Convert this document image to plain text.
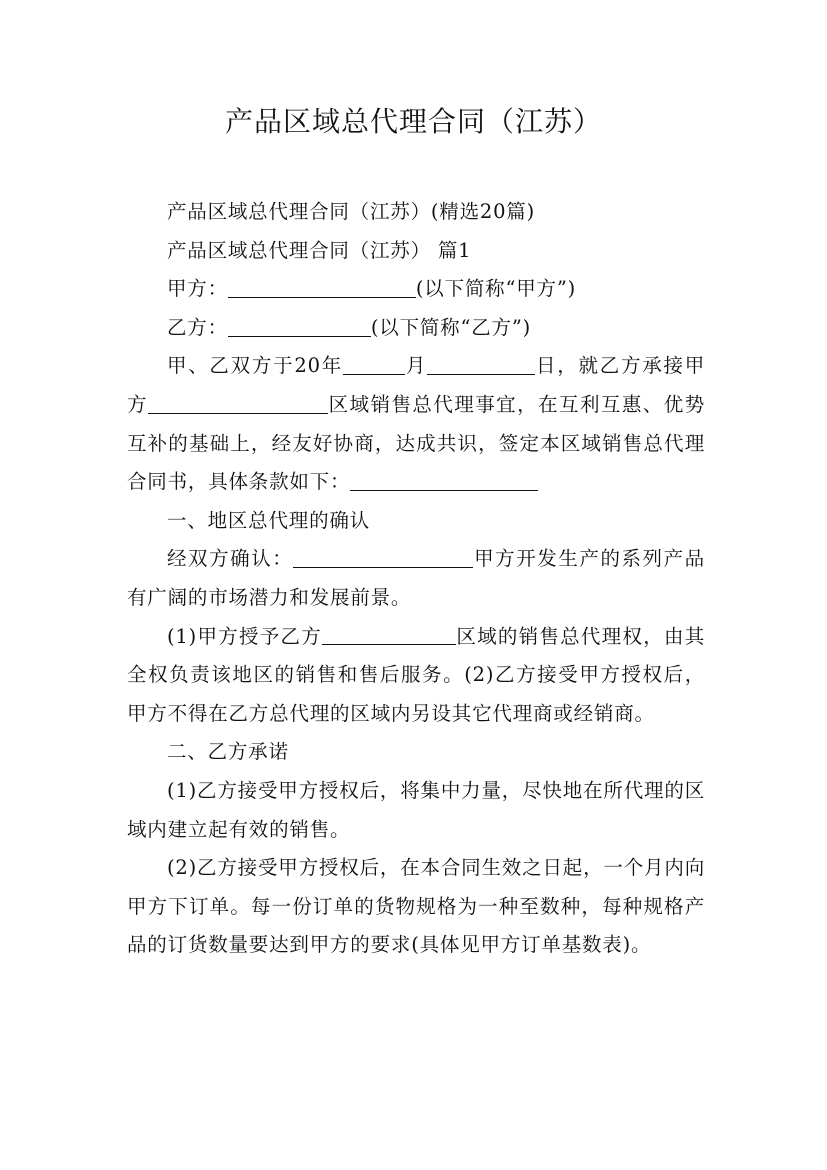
产品区域总代理合同（江苏）

产品区域总代理合同（江苏）(精选20篇)

产品区域总代理合同（江苏） 篇1

甲方：	(以下简称“甲方”)

乙方：	(以下简称“乙方”)

甲、乙双方于20年	月	日，就乙方承接甲方	区域销售总代理事宜，在互利互惠、优势互补的基础上，经友好协商，达成共识，签定本区域销售总代理合同书，具体条款如下：

一、地区总代理的确认

经双方确认：	甲方开发生产的系列产品有广阔的市场潜力和发展前景。

(1)甲方授予乙方	区域的销售总代理权，由其全权负责该地区的销售和售后服务。(2)乙方接受甲方授权后，甲方不得在乙方总代理的区域内另设其它代理商或经销商。

二、乙方承诺

(1)乙方接受甲方授权后，将集中力量，尽快地在所代理的区域内建立起有效的销售。

(2)乙方接受甲方授权后，在本合同生效之日起，一个月内向甲方下订单。每一份订单的货物规格为一种至数种，每种规格产品的订货数量要达到甲方的要求(具体见甲方订单基数表)。
